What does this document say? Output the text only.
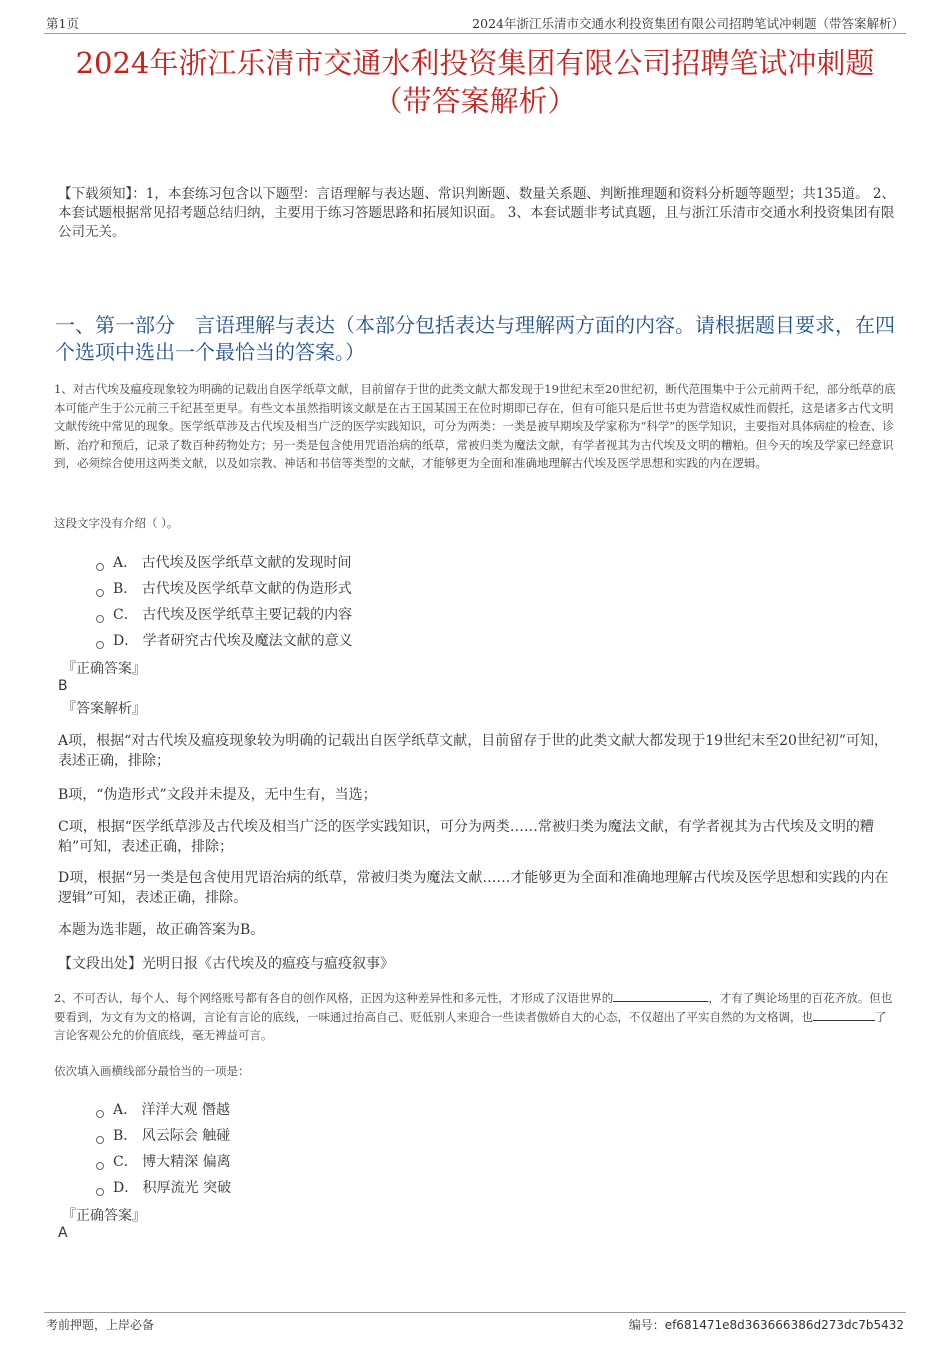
第1页	2024年浙江乐清市交通水利投资集团有限公司招聘笔试冲刺题（带答案解析）
2024年浙江乐清市交通水利投资集团有限公司招聘笔试冲刺题
（带答案解析）
【下载须知】：1，本套练习包含以下题型：言语理解与表达题、常识判断题、数量关系题、判断推理题和资料分析题等题型；共135道。 2、本套试题根据常见招考题总结归纳，主要用于练习答题思路和拓展知识面。 3、本套试题非考试真题，且与浙江乐清市交通水利投资集团有限公司无关。
一、第一部分　言语理解与表达（本部分包括表达与理解两方面的内容。请根据题目要求，在四个选项中选出一个最恰当的答案。）
1、对古代埃及瘟疫现象较为明确的记载出自医学纸草文献，目前留存于世的此类文献大都发现于19世纪末至20世纪初，断代范围集中于公元前两千纪，部分纸草的底本可能产生于公元前三千纪甚至更早。有些文本虽然指明该文献是在古王国某国王在位时期即已存在，但有可能只是后世书吏为营造权威性而假托，这是诸多古代文明文献传统中常见的现象。医学纸草涉及古代埃及相当广泛的医学实践知识，可分为两类：一类是被早期埃及学家称为“科学”的医学知识，主要指对具体病症的检查、诊断、治疗和预后，记录了数百种药物处方；另一类是包含使用咒语治病的纸草，常被归类为魔法文献，有学者视其为古代埃及文明的糟粕。但今天的埃及学家已经意识到，必须综合使用这两类文献，以及如宗教、神话和书信等类型的文献，才能够更为全面和准确地理解古代埃及医学思想和实践的内在逻辑。
这段文字没有介绍（ ）。
A． 古代埃及医学纸草文献的发现时间
B． 古代埃及医学纸草文献的伪造形式
C． 古代埃及医学纸草主要记载的内容
D． 学者研究古代埃及魔法文献的意义
『正确答案』
B
『答案解析』
A项，根据“对古代埃及瘟疫现象较为明确的记载出自医学纸草文献，目前留存于世的此类文献大都发现于19世纪末至20世纪初”可知，表述正确，排除；
B项，“伪造形式”文段并未提及，无中生有，当选；
C项，根据“医学纸草涉及古代埃及相当广泛的医学实践知识，可分为两类……常被归类为魔法文献，有学者视其为古代埃及文明的糟粕”可知，表述正确，排除；
D项，根据“另一类是包含使用咒语治病的纸草，常被归类为魔法文献……才能够更为全面和准确地理解古代埃及医学思想和实践的内在逻辑”可知，表述正确，排除。
本题为选非题，故正确答案为B。
【文段出处】光明日报《古代埃及的瘟疫与瘟疫叙事》
2、不可否认，每个人、每个网络账号都有各自的创作风格，正因为这种差异性和多元性，才形成了汉语世界的	，才有了舆论场里的百花齐放。但也要看到，为文有为文的格调，言论有言论的底线，一味通过抬高自己、贬低别人来迎合一些读者傲娇自大的心态，不仅超出了平实自然的为文格调，也	了言论客观公允的价值底线，毫无裨益可言。
依次填入画横线部分最恰当的一项是：
A． 洋洋大观 僭越
B． 风云际会 触碰
C． 博大精深 偏离
D． 积厚流光 突破
『正确答案』
A
考前押题，上岸必备	编号：ef681471e8d363666386d273dc7b5432
